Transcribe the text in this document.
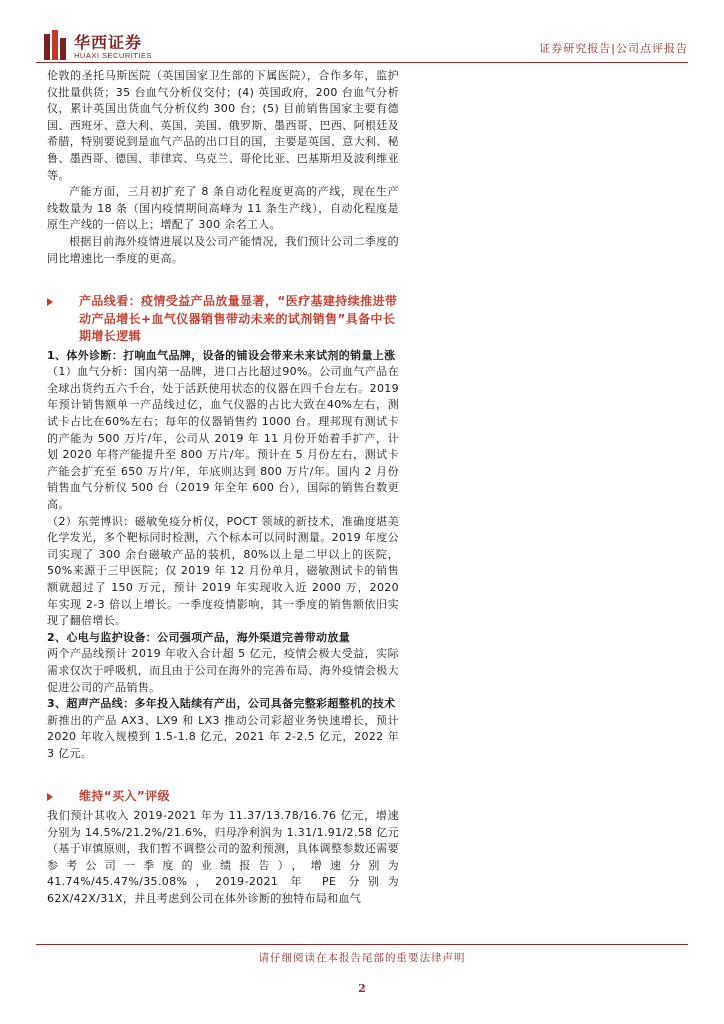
华西证券
HUAXI SECURITIES
证券研究报告|公司点评报告

伦敦的圣托马斯医院（英国国家卫生部的下属医院），合作多年，监护仪批量供货；35 台血气分析仪交付；(4) 英国政府，200 台血气分析仪，累计英国出货血气分析仪约 300 台；(5) 目前销售国家主要有德国、西班牙、意大利、英国、美国、俄罗斯、墨西哥、巴西、阿根廷及希腊，特别要说到是血气产品的出口目的国，主要是英国、意大利、秘鲁、墨西哥、德国、菲律宾、乌克兰、哥伦比亚、巴基斯坦及波利维亚等。

产能方面，三月初扩充了 8 条自动化程度更高的产线，现在生产线数量为 18 条（国内疫情期间高峰为 11 条生产线），自动化程度是原生产线的一倍以上；增配了 300 余名工人。

根据目前海外疫情进展以及公司产能情况，我们预计公司二季度的同比增速比一季度的更高。

产品线看：疫情受益产品放量显著，“医疗基建持续推进带动产品增长+血气仪器销售带动未来的试剂销售”具备中长期增长逻辑
1、体外诊断：打响血气品牌，设备的铺设会带来未来试剂的销量上涨

（1）血气分析：国内第一品牌，进口占比超过90%。公司血气产品在全球出货约五六千台，处于活跃使用状态的仪器在四千台左右。2019 年预计销售额单一产品线过亿，血气仪器的占比大致在40%左右，测试卡占比在60%左右；每年的仪器销售约 1000 台。理邦现有测试卡的产能为 500 万片/年，公司从 2019 年 11 月份开始着手扩产，计划 2020 年将产能提升至 800 万片/年。预计在 5 月份左右，测试卡产能会扩充至 650 万片/年，年底则达到 800 万片/年。国内 2 月份销售血气分析仪 500 台（2019 年全年 600 台），国际的销售台数更高。

（2）东莞博识：磁敏免疫分析仪，POCT 领域的新技术，准确度堪美化学发光，多个靶标同时检测，六个标本可以同时测量。2019 年度公司实现了 300 余台磁敏产品的装机，80%以上是二甲以上的医院，50%来源于三甲医院；仅 2019 年 12 月份单月，磁敏测试卡的销售额就超过了 150 万元，预计 2019 年实现收入近 2000 万，2020 年实现 2-3 倍以上增长。一季度疫情影响，其一季度的销售额依旧实现了翻倍增长。

2、心电与监护设备：公司强项产品，海外渠道完善带动放量

两个产品线预计 2019 年收入合计超 5 亿元，疫情会极大受益，实际需求仅次于呼吸机，而且由于公司在海外的完善布局、海外疫情会极大促进公司的产品销售。

3、超声产品线：多年投入陆续有产出，公司具备完整彩超整机的技术

新推出的产品 AX3、LX9 和 LX3 推动公司彩超业务快速增长，预计 2020 年收入规模到 1.5-1.8 亿元，2021 年 2-2.5 亿元，2022 年 3 亿元。

维持“买入”评级

我们预计其收入 2019-2021 年为 11.37/13.78/16.76 亿元，增速分别为 14.5%/21.2%/21.6%，归母净利润为 1.31/1.91/2.58 亿元（基于审慎原则，我们暂不调整公司的盈利预测，具体调整参数还需要参考公司一季度的业绩报告），增速分别为 41.74%/45.47%/35.08%，2019-2021 年 PE 分别为 62X/42X/31X，并且考虑到公司在体外诊断的独特布局和血气

请仔细阅读在本报告尾部的重要法律声明
2
